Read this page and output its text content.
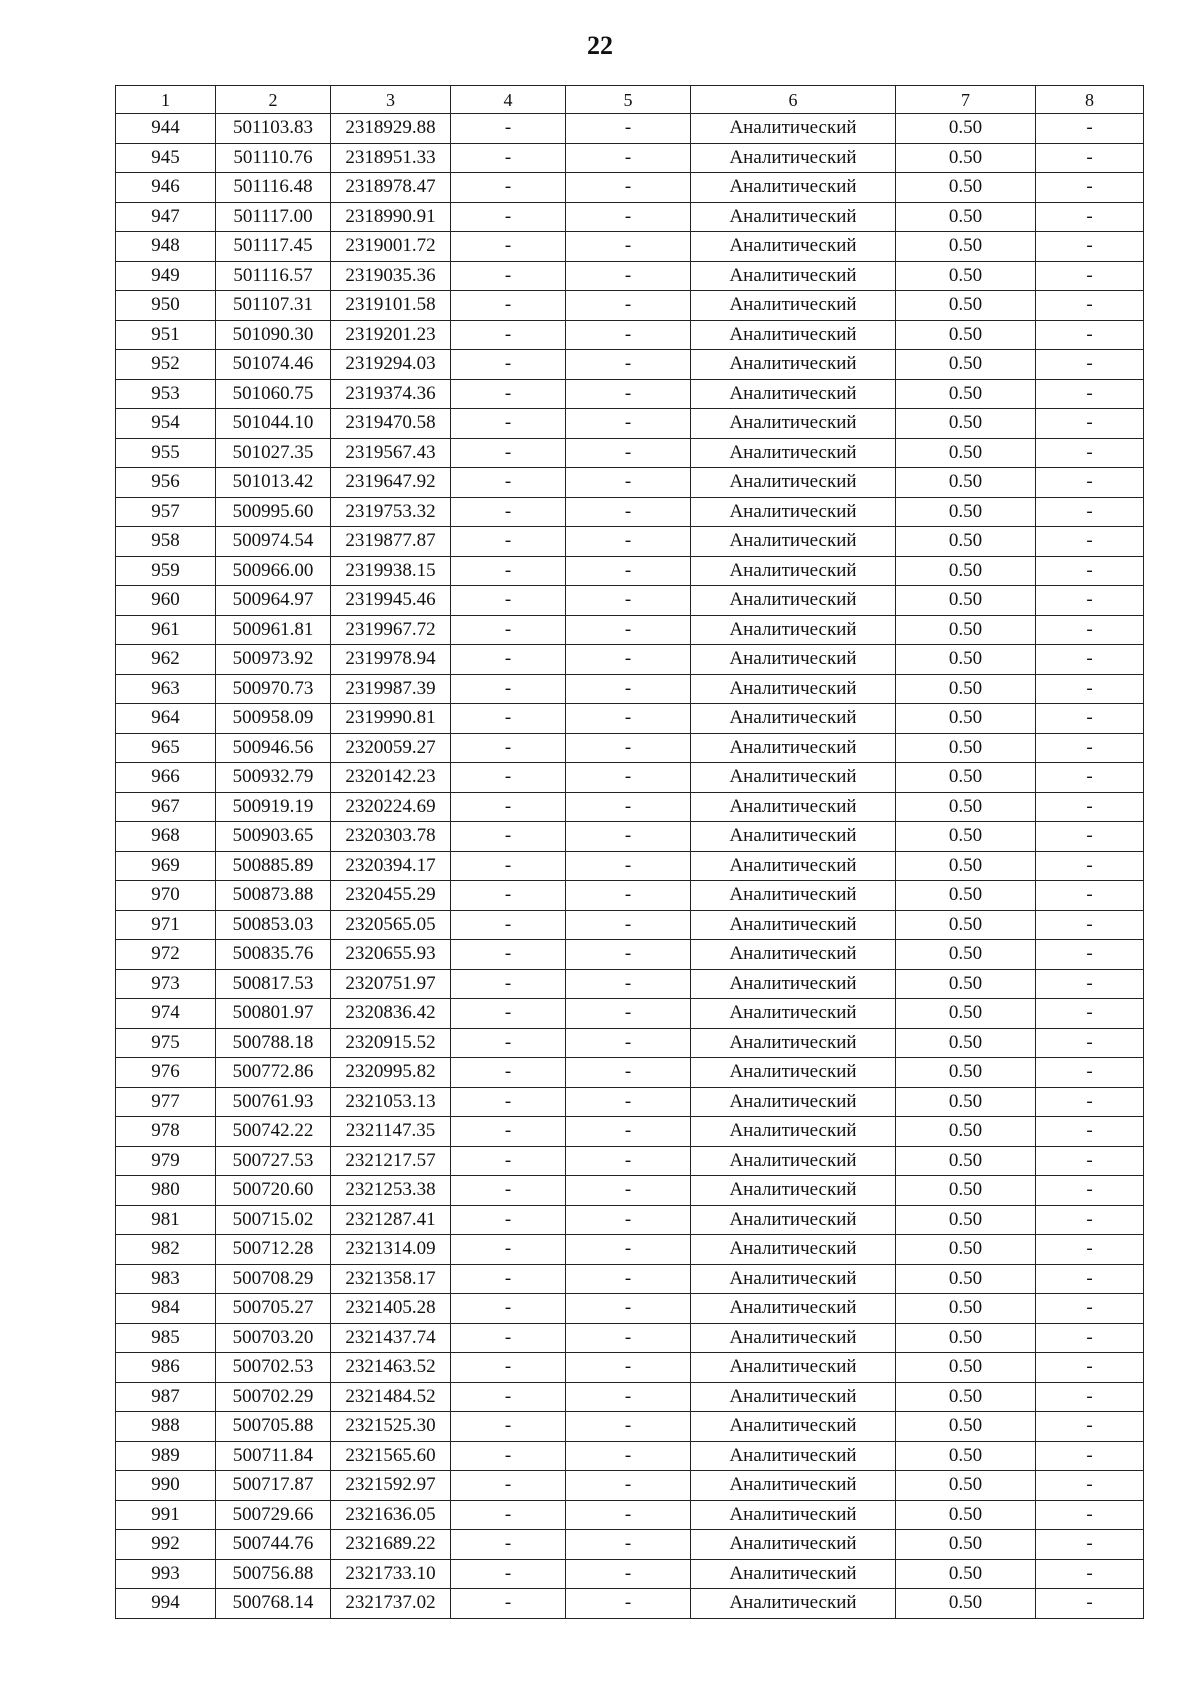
22
1	2	3	4	5	6	7	8
944	501103.83	2318929.88	-	-	Аналитический	0.50	-
945	501110.76	2318951.33	-	-	Аналитический	0.50	-
946	501116.48	2318978.47	-	-	Аналитический	0.50	-
947	501117.00	2318990.91	-	-	Аналитический	0.50	-
948	501117.45	2319001.72	-	-	Аналитический	0.50	-
949	501116.57	2319035.36	-	-	Аналитический	0.50	-
950	501107.31	2319101.58	-	-	Аналитический	0.50	-
951	501090.30	2319201.23	-	-	Аналитический	0.50	-
952	501074.46	2319294.03	-	-	Аналитический	0.50	-
953	501060.75	2319374.36	-	-	Аналитический	0.50	-
954	501044.10	2319470.58	-	-	Аналитический	0.50	-
955	501027.35	2319567.43	-	-	Аналитический	0.50	-
956	501013.42	2319647.92	-	-	Аналитический	0.50	-
957	500995.60	2319753.32	-	-	Аналитический	0.50	-
958	500974.54	2319877.87	-	-	Аналитический	0.50	-
959	500966.00	2319938.15	-	-	Аналитический	0.50	-
960	500964.97	2319945.46	-	-	Аналитический	0.50	-
961	500961.81	2319967.72	-	-	Аналитический	0.50	-
962	500973.92	2319978.94	-	-	Аналитический	0.50	-
963	500970.73	2319987.39	-	-	Аналитический	0.50	-
964	500958.09	2319990.81	-	-	Аналитический	0.50	-
965	500946.56	2320059.27	-	-	Аналитический	0.50	-
966	500932.79	2320142.23	-	-	Аналитический	0.50	-
967	500919.19	2320224.69	-	-	Аналитический	0.50	-
968	500903.65	2320303.78	-	-	Аналитический	0.50	-
969	500885.89	2320394.17	-	-	Аналитический	0.50	-
970	500873.88	2320455.29	-	-	Аналитический	0.50	-
971	500853.03	2320565.05	-	-	Аналитический	0.50	-
972	500835.76	2320655.93	-	-	Аналитический	0.50	-
973	500817.53	2320751.97	-	-	Аналитический	0.50	-
974	500801.97	2320836.42	-	-	Аналитический	0.50	-
975	500788.18	2320915.52	-	-	Аналитический	0.50	-
976	500772.86	2320995.82	-	-	Аналитический	0.50	-
977	500761.93	2321053.13	-	-	Аналитический	0.50	-
978	500742.22	2321147.35	-	-	Аналитический	0.50	-
979	500727.53	2321217.57	-	-	Аналитический	0.50	-
980	500720.60	2321253.38	-	-	Аналитический	0.50	-
981	500715.02	2321287.41	-	-	Аналитический	0.50	-
982	500712.28	2321314.09	-	-	Аналитический	0.50	-
983	500708.29	2321358.17	-	-	Аналитический	0.50	-
984	500705.27	2321405.28	-	-	Аналитический	0.50	-
985	500703.20	2321437.74	-	-	Аналитический	0.50	-
986	500702.53	2321463.52	-	-	Аналитический	0.50	-
987	500702.29	2321484.52	-	-	Аналитический	0.50	-
988	500705.88	2321525.30	-	-	Аналитический	0.50	-
989	500711.84	2321565.60	-	-	Аналитический	0.50	-
990	500717.87	2321592.97	-	-	Аналитический	0.50	-
991	500729.66	2321636.05	-	-	Аналитический	0.50	-
992	500744.76	2321689.22	-	-	Аналитический	0.50	-
993	500756.88	2321733.10	-	-	Аналитический	0.50	-
994	500768.14	2321737.02	-	-	Аналитический	0.50	-
